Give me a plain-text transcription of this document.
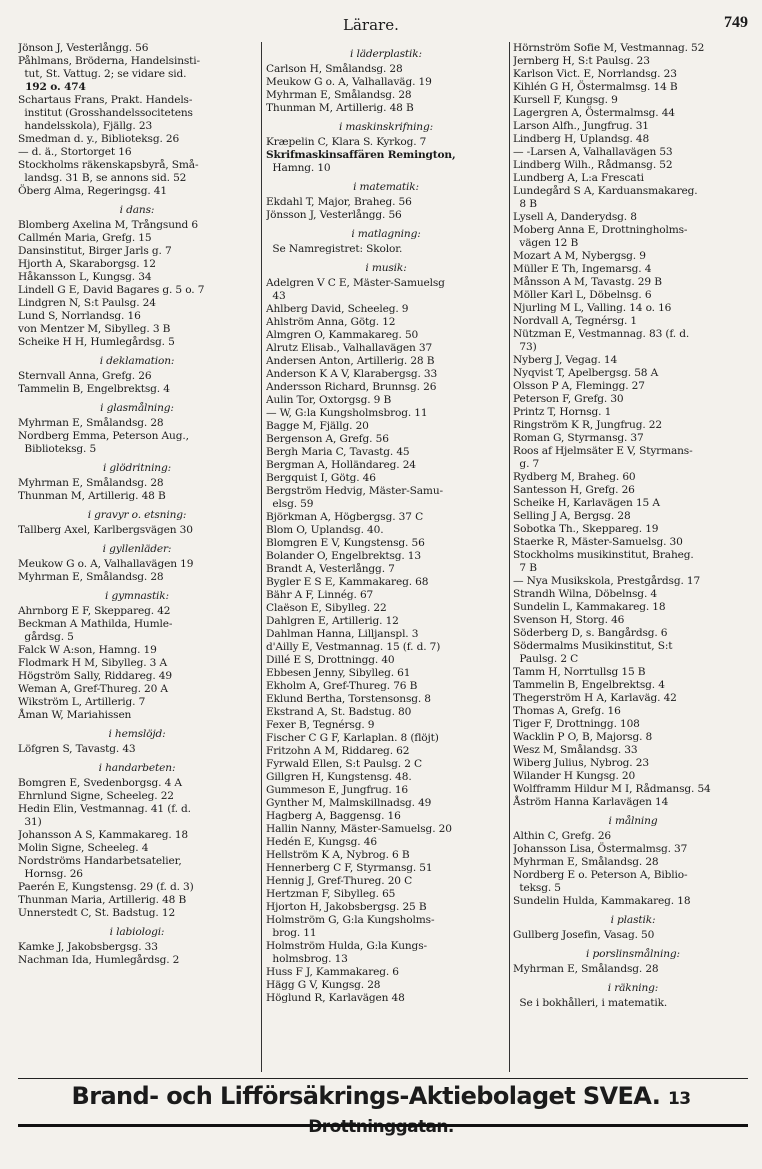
Lärare.	749
Jönson J, Vesterlångg. 56
Påhlmans, Bröderna, Handelsinsti-
tut, St. Vattug. 2; se vidare sid.
192 o. 474
Schartaus Frans, Prakt. Handels-
institut (Grosshandelssocitetens
handelsskola), Fjällg. 23
Smedman d. y., Biblioteksg. 26
— d. ä., Stortorget 16
Stockholms räkenskapsbyrå, Små-
landsg. 31 B, se annons sid. 52
Öberg Alma, Regeringsg. 41
i dans:
Blomberg Axelina M, Trångsund 6
Callmén Maria, Grefg. 15
Dansinstitut, Birger Jarls g. 7
Hjorth A, Skaraborgsg. 12
Håkansson L, Kungsg. 34
Lindell G E, David Bagares g. 5 o. 7
Lindgren N, S:t Paulsg. 24
Lund S, Norrlandsg. 16
von Mentzer M, Sibylleg. 3 B
Scheike H H, Humlegårdsg. 5
i deklamation:
Sternvall Anna, Grefg. 26
Tammelin B, Engelbrektsg. 4
i glasmålning:
Myhrman E, Smålandsg. 28
Nordberg Emma, Peterson Aug.,
Biblioteksg. 5
i glödritning:
Myhrman E, Smålandsg. 28
Thunman M, Artillerig. 48 B
i gravyr o. etsning:
Tallberg Axel, Karlbergsvägen 30
i gyllenläder:
Meukow G o. A, Valhallavägen 19
Myhrman E, Smålandsg. 28
i gymnastik:
Ahrnborg E F, Skeppareg. 42
Beckman A Mathilda, Humle-
gårdsg. 5
Falck W A:son, Hamng. 19
Flodmark H M, Sibylleg. 3 A
Högström Sally, Riddareg. 49
Weman A, Gref-Thureg. 20 A
Wikström L, Artillerig. 7
Åman W, Mariahissen
i hemslöjd:
Löfgren S, Tavastg. 43
i handarbeten:
Bomgren E, Svedenborgsg. 4 A
Ehrnlund Signe, Scheeleg. 22
Hedin Elin, Vestmannag. 41 (f. d.
31)
Johansson A S, Kammakareg. 18
Molin Signe, Scheeleg. 4
Nordströms Handarbetsatelier,
Hornsg. 26
Paerén E, Kungstensg. 29 (f. d. 3)
Thunman Maria, Artillerig. 48 B
Unnerstedt C, St. Badstug. 12
i labiologi:
Kamke J, Jakobsbergsg. 33
Nachman Ida, Humlegårdsg. 2
i läderplastik:
Carlson H, Smålandsg. 28
Meukow G o. A, Valhallaväg. 19
Myhrman E, Smålandsg. 28
Thunman M, Artillerig. 48 B
i maskinskrifning:
Kræpelin C, Klara S. Kyrkog. 7
Skrifmaskinsaffären Remington,
Hamng. 10
i matematik:
Ekdahl T, Major, Braheg. 56
Jönsson J, Vesterlångg. 56
i matlagning:
Se Namregistret: Skolor.
i musik:
Adelgren V C E, Mäster-Samuelsg
43
Ahlberg David, Scheeleg. 9
Ahlström Anna, Götg. 12
Almgren O, Kammakareg. 50
Alrutz Elisab., Valhallavägen 37
Andersen Anton, Artillerig. 28 B
Anderson K A V, Klarabergsg. 33
Andersson Richard, Brunnsg. 26
Aulin Tor, Oxtorgsg. 9 B
— W, G:la Kungsholmsbrog. 11
Bagge M, Fjällg. 20
Bergenson A, Grefg. 56
Bergh Maria C, Tavastg. 45
Bergman A, Holländareg. 24
Bergquist I, Götg. 46
Bergström Hedvig, Mäster-Samu-
elsg. 59
Björkman A, Högbergsg. 37 C
Blom O, Uplandsg. 40.
Blomgren E V, Kungstensg. 56
Bolander O, Engelbrektsg. 13
Brandt A, Vesterlångg. 7
Bygler E S E, Kammakareg. 68
Bähr A F, Linnég. 67
Claëson E, Sibylleg. 22
Dahlgren E, Artillerig. 12
Dahlman Hanna, Lilljanspl. 3
d'Ailly E, Vestmannag. 15 (f. d. 7)
Dillé E S, Drottningg. 40
Ebbesen Jenny, Sibylleg. 61
Ekholm A, Gref-Thureg. 76 B
Eklund Bertha, Torstensonsg. 8
Ekstrand A, St. Badstug. 80
Fexer B, Tegnérsg. 9
Fischer C G F, Karlaplan. 8 (flöjt)
Fritzohn A M, Riddareg. 62
Fyrwald Ellen, S:t Paulsg. 2 C
Gillgren H, Kungstensg. 48.
Gummeson E, Jungfrug. 16
Gynther M, Malmskillnadsg. 49
Hagberg A, Baggensg. 16
Hallin Nanny, Mäster-Samuelsg. 20
Hedén E, Kungsg. 46
Hellström K A, Nybrog. 6 B
Hennerberg C F, Styrmansg. 51
Hennig J, Gref-Thureg. 20 C
Hertzman F, Sibylleg. 65
Hjorton H, Jakobsbergsg. 25 B
Holmström G, G:la Kungsholms-
brog. 11
Holmström Hulda, G:la Kungs-
holmsbrog. 13
Huss F J, Kammakareg. 6
Hägg G V, Kungsg. 28
Höglund R, Karlavägen 48
Hörnström Sofie M, Vestmannag. 52
Jernberg H, S:t Paulsg. 23
Karlson Vict. E, Norrlandsg. 23
Kihlén G H, Östermalmsg. 14 B
Kursell F, Kungsg. 9
Lagergren A, Östermalmsg. 44
Larson Alfh., Jungfrug. 31
Lindberg H, Uplandsg. 48
— -Larsen A, Valhallavägen 53
Lindberg Wilh., Rådmansg. 52
Lundberg A, L:a Frescati
Lundegård S A, Karduansmakareg.
8 B
Lysell A, Danderydsg. 8
Moberg Anna E, Drottningholms-
vägen 12 B
Mozart A M, Nybergsg. 9
Müller E Th, Ingemarsg. 4
Månsson A M, Tavastg. 29 B
Möller Karl L, Döbelnsg. 6
Njurling M L, Valling. 14 o. 16
Nordvall A, Tegnérsg. 1
Nützman E, Vestmannag. 83 (f. d.
73)
Nyberg J, Vegag. 14
Nyqvist T, Apelbergsg. 58 A
Olsson P A, Flemingg. 27
Peterson F, Grefg. 30
Printz T, Hornsg. 1
Ringström K R, Jungfrug. 22
Roman G, Styrmansg. 37
Roos af Hjelmsäter E V, Styrmans-
g. 7
Rydberg M, Braheg. 60
Santesson H, Grefg. 26
Scheike H, Karlavägen 15 A
Selling J A, Bergsg. 28
Sobotka Th., Skeppareg. 19
Staerke R, Mäster-Samuelsg. 30
Stockholms musikinstitut, Braheg.
7 B
— Nya Musikskola, Prestgårdsg. 17
Strandh Wilna, Döbelnsg. 4
Sundelin L, Kammakareg. 18
Svenson H, Storg. 46
Söderberg D, s. Bangårdsg. 6
Södermalms Musikinstitut, S:t
Paulsg. 2 C
Tamm H, Norrtullsg 15 B
Tammelin B, Engelbrektsg. 4
Thegerström H A, Karlaväg. 42
Thomas A, Grefg. 16
Tiger F, Drottningg. 108
Wacklin P O, B, Majorsg. 8
Wesz M, Smålandsg. 33
Wiberg Julius, Nybrog. 23
Wilander H Kungsg. 20
Wolfframm Hildur M I, Rådmansg. 54
Åström Hanna Karlavägen 14
i målning
Althin C, Grefg. 26
Johansson Lisa, Östermalmsg. 37
Myhrman E, Smålandsg. 28
Nordberg E o. Peterson A, Biblio-
teksg. 5
Sundelin Hulda, Kammakareg. 18
i plastik:
Gullberg Josefin, Vasag. 50
i porslinsmålning:
Myhrman E, Smålandsg. 28
i räkning:
Se i bokhålleri, i matematik.
Brand- och Lifförsäkrings-Aktiebolaget SVEA. 13 Drottninggatan.
